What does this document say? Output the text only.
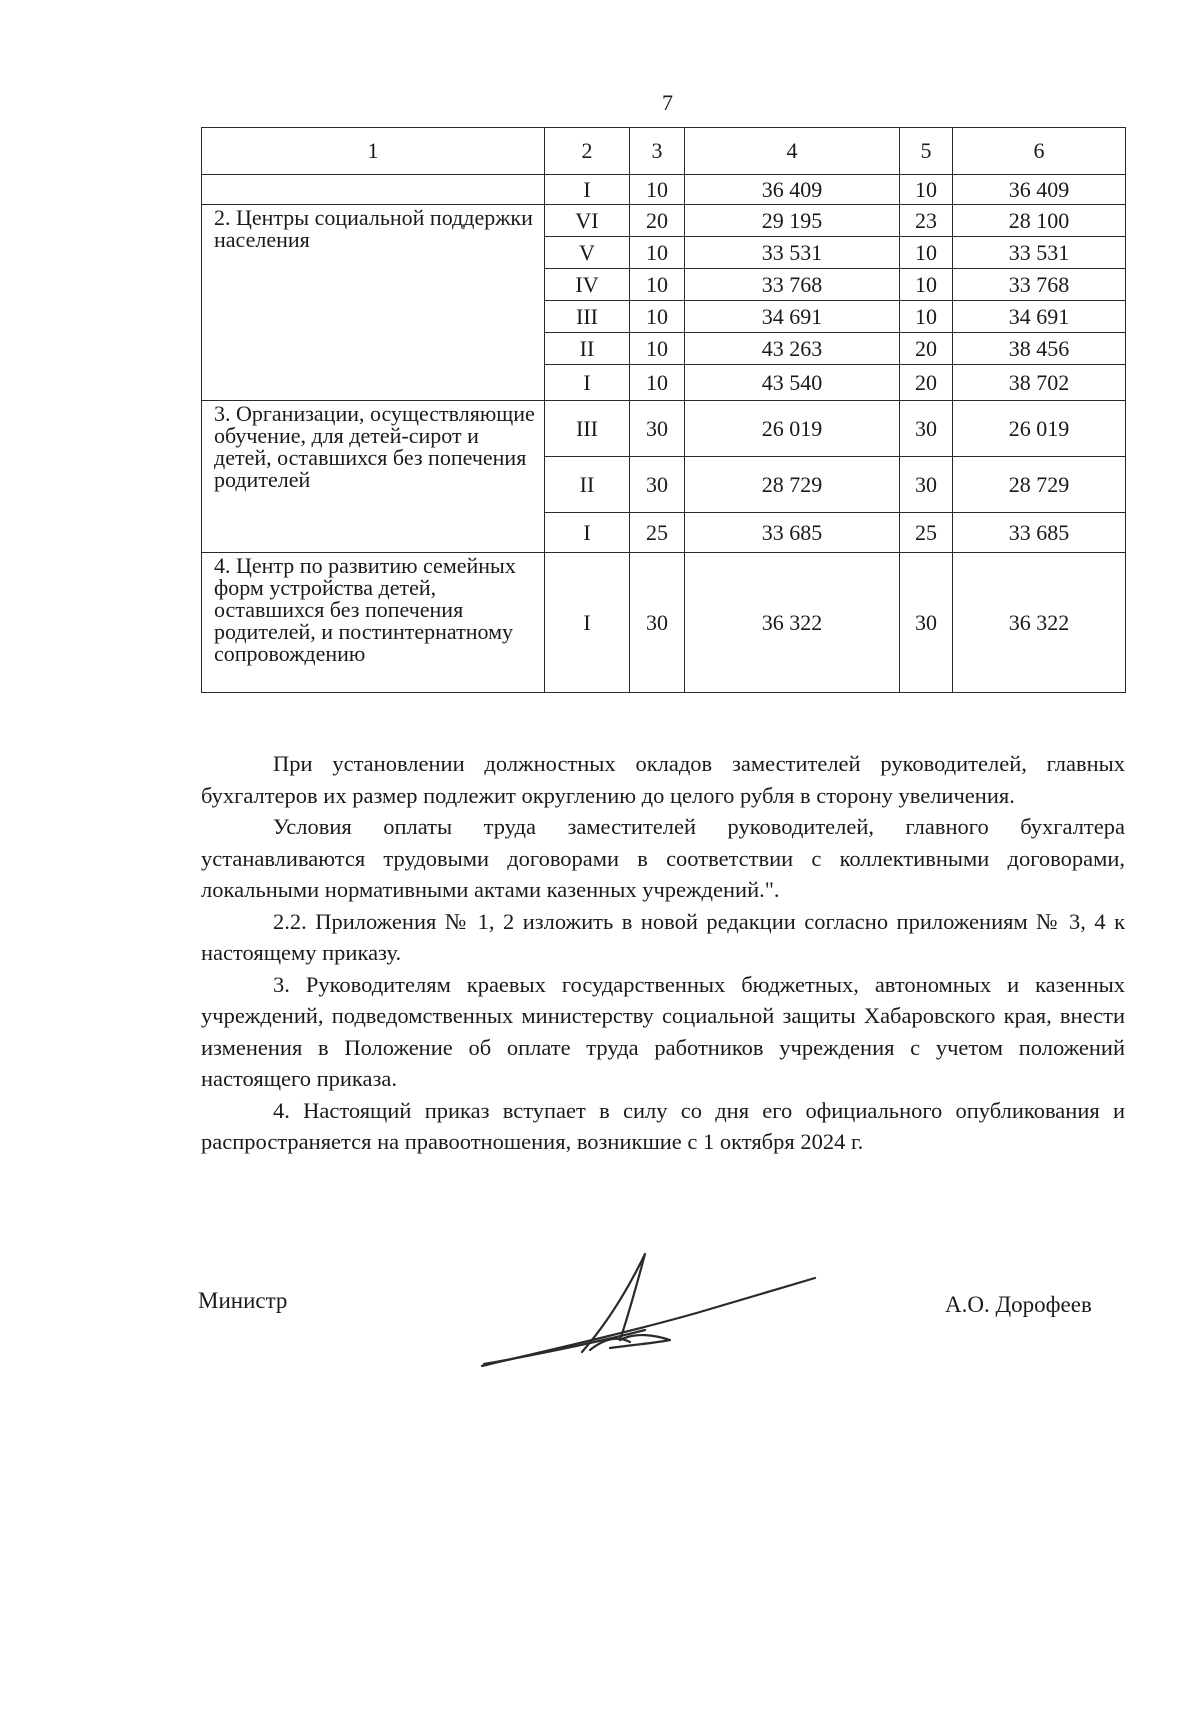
7
1	2	3	4	5	6
	I	10	36 409	10	36 409
2. Центры социальной поддержки населения	VI	20	29 195	23	28 100
	V	10	33 531	10	33 531
	IV	10	33 768	10	33 768
	III	10	34 691	10	34 691
	II	10	43 263	20	38 456
	I	10	43 540	20	38 702
3. Организации, осуществляющие обучение, для детей-сирот и детей, оставшихся без попечения родителей	III	30	26 019	30	26 019
	II	30	28 729	30	28 729
	I	25	33 685	25	33 685
4. Центр по развитию семейных форм устройства детей, оставшихся без попечения родителей, и постинтернатному сопровождению	I	30	36 322	30	36 322

При установлении должностных окладов заместителей руководителей, главных бухгалтеров их размер подлежит округлению до целого рубля в сторону увеличения.

Условия оплаты труда заместителей руководителей, главного бухгалтера устанавливаются трудовыми договорами в соответствии с коллективными договорами, локальными нормативными актами казенных учреждений.".

2.2. Приложения № 1, 2 изложить в новой редакции согласно приложениям № 3, 4 к настоящему приказу.

3. Руководителям краевых государственных бюджетных, автономных и казенных учреждений, подведомственных министерству социальной защиты Хабаровского края, внести изменения в Положение об оплате труда работников учреждения с учетом положений настоящего приказа.

4. Настоящий приказ вступает в силу со дня его официального опубликования и распространяется на правоотношения, возникшие с 1 октября 2024 г.

Министр	А.О. Дорофеев
